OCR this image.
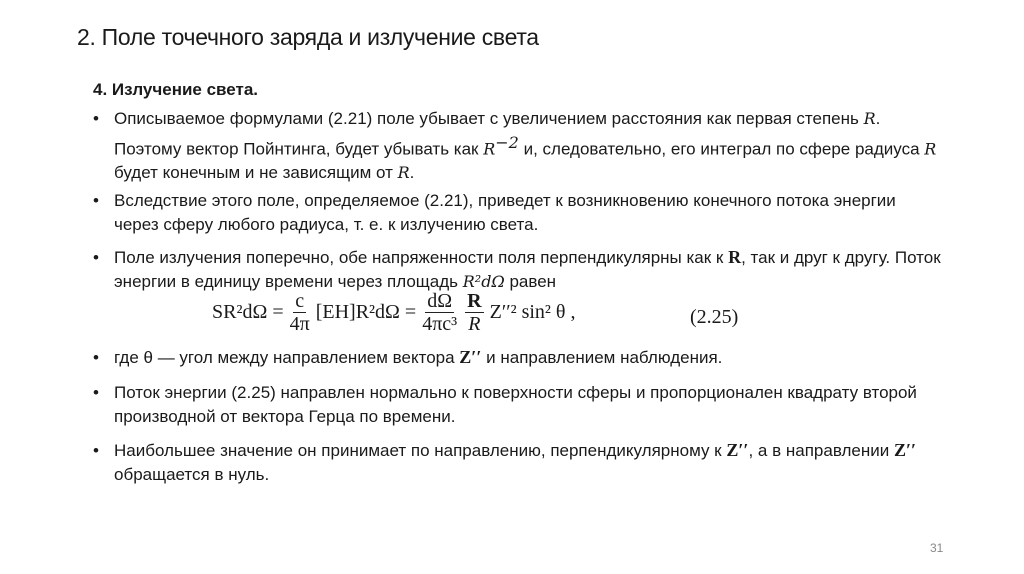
2. Поле точечного заряда и излучение света
4. Излучение света.
• Описываемое формулами (2.21) поле убывает с увеличением расстояния как первая степень R. Поэтому вектор Пойнтинга, будет убывать как $R^{-2}$ и, следовательно, его интеграл по сфере радиуса R будет конечным и не зависящим от R.
• Вследствие этого поле, определяемое (2.21), приведет к возникновению конечного потока энергии через сферу любого радиуса, т. е. к излучению света.
• Поле излучения поперечно, обе напряженности поля перпендикулярны как к R, так и друг к другу. Поток энергии в единицу времени через площадь R²dΩ равен
$SR^2d\Omega = \frac{c}{4\pi} [EH]R^2d\Omega = \frac{d\Omega}{\text{4πc³}} \frac{R}{R} Z''^2$ sin² θ ,	(2.25)
• где θ — угол между направлением вектора Z′′ и направлением наблюдения.
• Поток энергии (2.25) направлен нормально к поверхности сферы и пропорционален квадрату второй производной от вектора Герца по времени.
• Наибольшее значение он принимает по направлению, перпендикулярному к Z′′, а в направлении Z′′ обращается в нуль.
31
